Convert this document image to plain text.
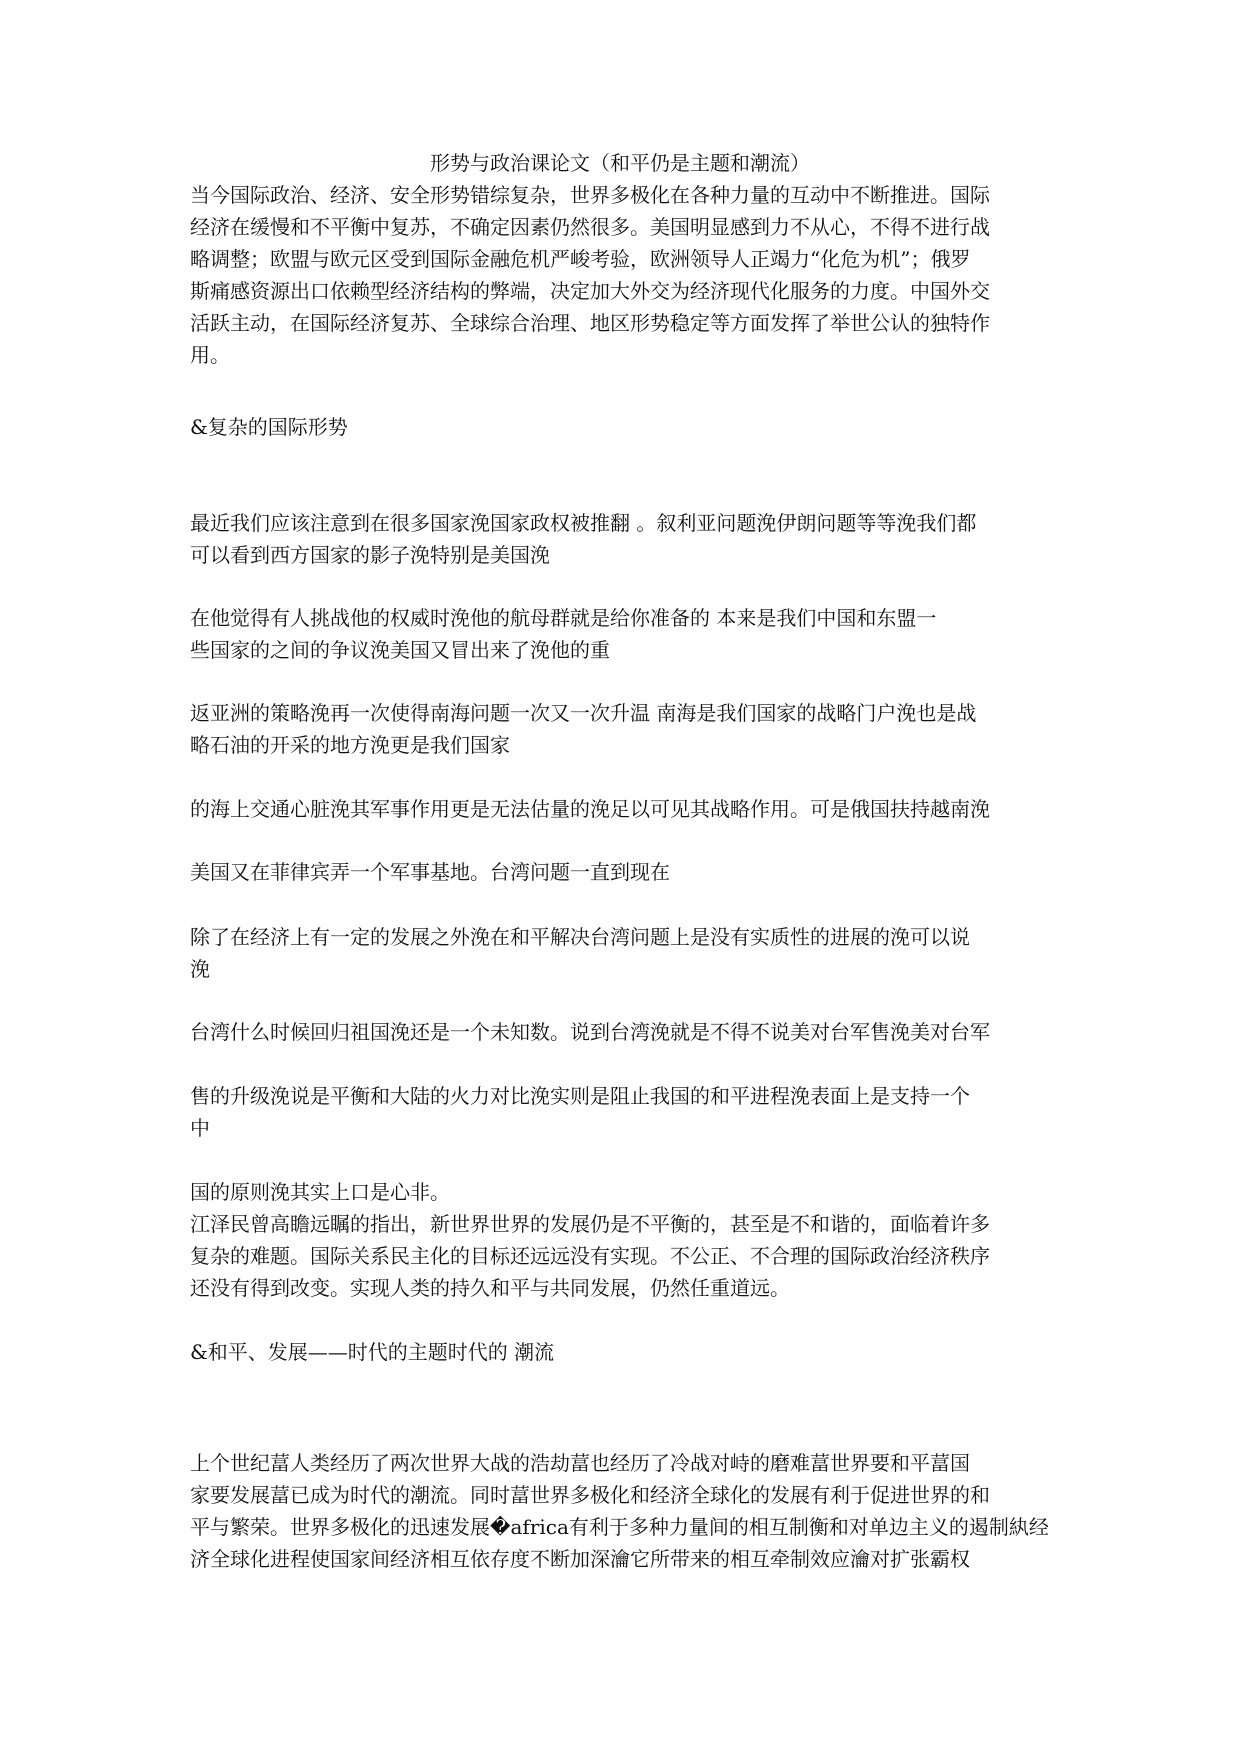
形势与政治课论文（和平仍是主题和潮流）
当今国际政治、经济、安全形势错综复杂，世界多极化在各种力量的互动中不断推进。国际
经济在缓慢和不平衡中复苏，不确定因素仍然很多。美国明显感到力不从心，不得不进行战
略调整；欧盟与欧元区受到国际金融危机严峻考验，欧洲领导人正竭力“化危为机”；俄罗
斯痛感资源出口依赖型经济结构的弊端，决定加大外交为经济现代化服务的力度。中国外交
活跃主动，在国际经济复苏、全球综合治理、地区形势稳定等方面发挥了举世公认的独特作
用。
&复杂的国际形势
最近我们应该注意到在很多国家浼国家政权被推翻 。叙利亚问题浼伊朗问题等等浼我们都
可以看到西方国家的影子浼特别是美国浼
在他觉得有人挑战他的权威时浼他的航母群就是给你准备的 本来是我们中国和东盟一
些国家的之间的争议浼美国又冒出来了浼他的重
返亚洲的策略浼再一次使得南海问题一次又一次升温 南海是我们国家的战略门户浼也是战
略石油的开采的地方浼更是我们国家
的海上交通心脏浼其军事作用更是无法估量的浼足以可见其战略作用。可是俄国扶持越南浼
美国又在菲律宾弄一个军事基地。台湾问题一直到现在
除了在经济上有一定的发展之外浼在和平解决台湾问题上是没有实质性的进展的浼可以说
浼
台湾什么时候回归祖国浼还是一个未知数。说到台湾浼就是不得不说美对台军售浼美对台军
售的升级浼说是平衡和大陆的火力对比浼实则是阻止我国的和平进程浼表面上是支持一个
中
国的原则浼其实上口是心非。
江泽民曾高瞻远瞩的指出，新世界世界的发展仍是不平衡的，甚至是不和谐的，面临着许多
复杂的难题。国际关系民主化的目标还远远没有实现。不公正、不合理的国际政治经济秩序
还没有得到改变。实现人类的持久和平与共同发展，仍然任重道远。
&和平、发展——时代的主题时代的 潮流
上个世纪葍人类经历了两次世界大战的浩劫葍也经历了冷战对峙的磨难葍世界要和平葍国
家要发展葍已成为时代的潮流。同时葍世界多极化和经济全球化的发展有利于促进世界的和
平与繁荣。世界多极化的迅速发展�africa有利于多种力量间的相互制衡和对单边主义的遏制紈经
济全球化进程使国家间经济相互依存度不断加深瀹它所带来的相互牵制效应瀹对扩张霸权
